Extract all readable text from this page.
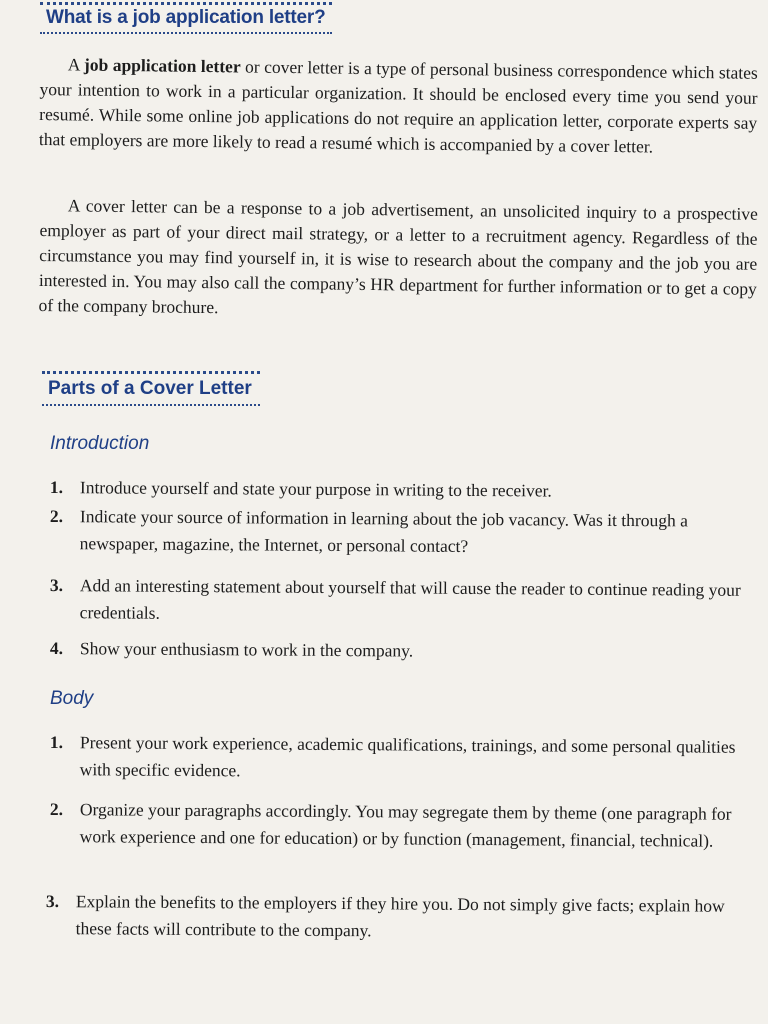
What is a job application letter?
A job application letter or cover letter is a type of personal business correspondence which states your intention to work in a particular organization. It should be enclosed every time you send your resumé. While some online job applications do not require an application letter, corporate experts say that employers are more likely to read a resumé which is accompanied by a cover letter.
A cover letter can be a response to a job advertisement, an unsolicited inquiry to a prospective employer as part of your direct mail strategy, or a letter to a recruitment agency. Regardless of the circumstance you may find yourself in, it is wise to research about the company and the job you are interested in. You may also call the company’s HR department for further information or to get a copy of the company brochure.
Parts of a Cover Letter
Introduction
1. Introduce yourself and state your purpose in writing to the receiver.
2. Indicate your source of information in learning about the job vacancy. Was it through a newspaper, magazine, the Internet, or personal contact?
3. Add an interesting statement about yourself that will cause the reader to continue reading your credentials.
4. Show your enthusiasm to work in the company.
Body
1. Present your work experience, academic qualifications, trainings, and some personal qualities with specific evidence.
2. Organize your paragraphs accordingly. You may segregate them by theme (one paragraph for work experience and one for education) or by function (management, financial, technical).
3. Explain the benefits to the employers if they hire you. Do not simply give facts; explain how these facts will contribute to the company.
